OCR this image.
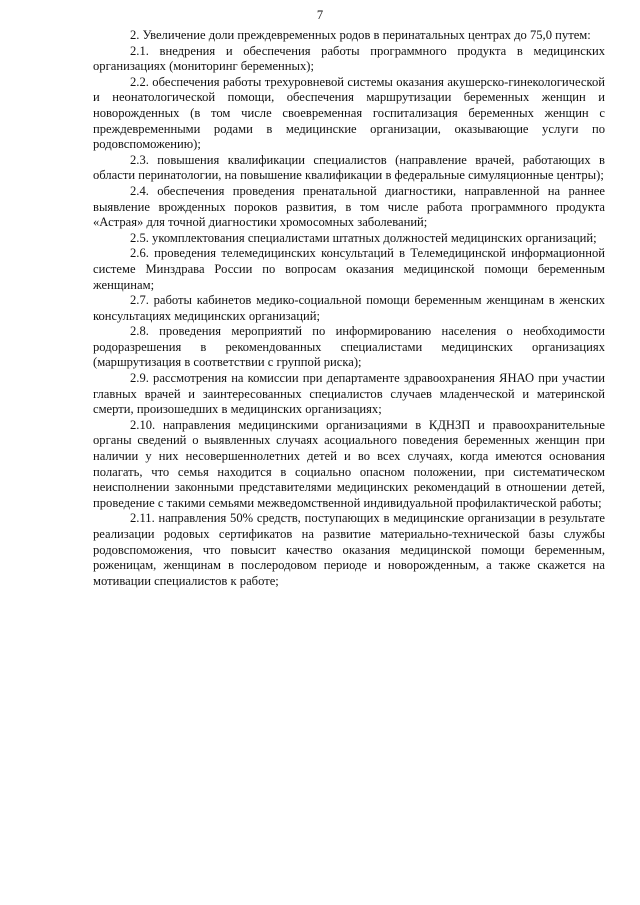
7

2. Увеличение доли преждевременных родов в перинатальных центрах до 75,0 путем:

2.1. внедрения и обеспечения работы программного продукта в медицинских организациях (мониторинг беременных);

2.2. обеспечения работы трехуровневой системы оказания акушерско-гинекологической и неонатологической помощи, обеспечения маршрутизации беременных женщин и новорожденных (в том числе своевременная госпитализация беременных женщин с преждевременными родами в медицинские организации, оказывающие услуги по родовспоможению);

2.3. повышения квалификации специалистов (направление врачей, работающих в области перинатологии, на повышение квалификации в федеральные симуляционные центры);

2.4. обеспечения проведения пренатальной диагностики, направленной на раннее выявление врожденных пороков развития, в том числе работа программного продукта «Астрая» для точной диагностики хромосомных заболеваний;

2.5. укомплектования специалистами штатных должностей медицинских организаций;

2.6. проведения телемедицинских консультаций в Телемедицинской информационной системе Минздрава России по вопросам оказания медицинской помощи беременным женщинам;

2.7. работы кабинетов медико-социальной помощи беременным женщинам в женских консультациях медицинских организаций;

2.8. проведения мероприятий по информированию населения о необходимости родоразрешения в рекомендованных специалистами медицинских организациях (маршрутизация в соответствии с группой риска);

2.9. рассмотрения на комиссии при департаменте здравоохранения ЯНАО при участии главных врачей и заинтересованных специалистов случаев младенческой и материнской смерти, произошедших в медицинских организациях;

2.10. направления медицинскими организациями в КДНЗП и правоохранительные органы сведений о выявленных случаях асоциального поведения беременных женщин при наличии у них несовершеннолетних детей и во всех случаях, когда имеются основания полагать, что семья находится в социально опасном положении, при систематическом неисполнении законными представителями медицинских рекомендаций в отношении детей, проведение с такими семьями межведомственной индивидуальной профилактической работы;

2.11. направления 50% средств, поступающих в медицинские организации в результате реализации родовых сертификатов на развитие материально-технической базы службы родовспоможения, что повысит качество оказания медицинской помощи беременным, роженицам, женщинам в послеродовом периоде и новорожденным, а также скажется на мотивации специалистов к работе;
